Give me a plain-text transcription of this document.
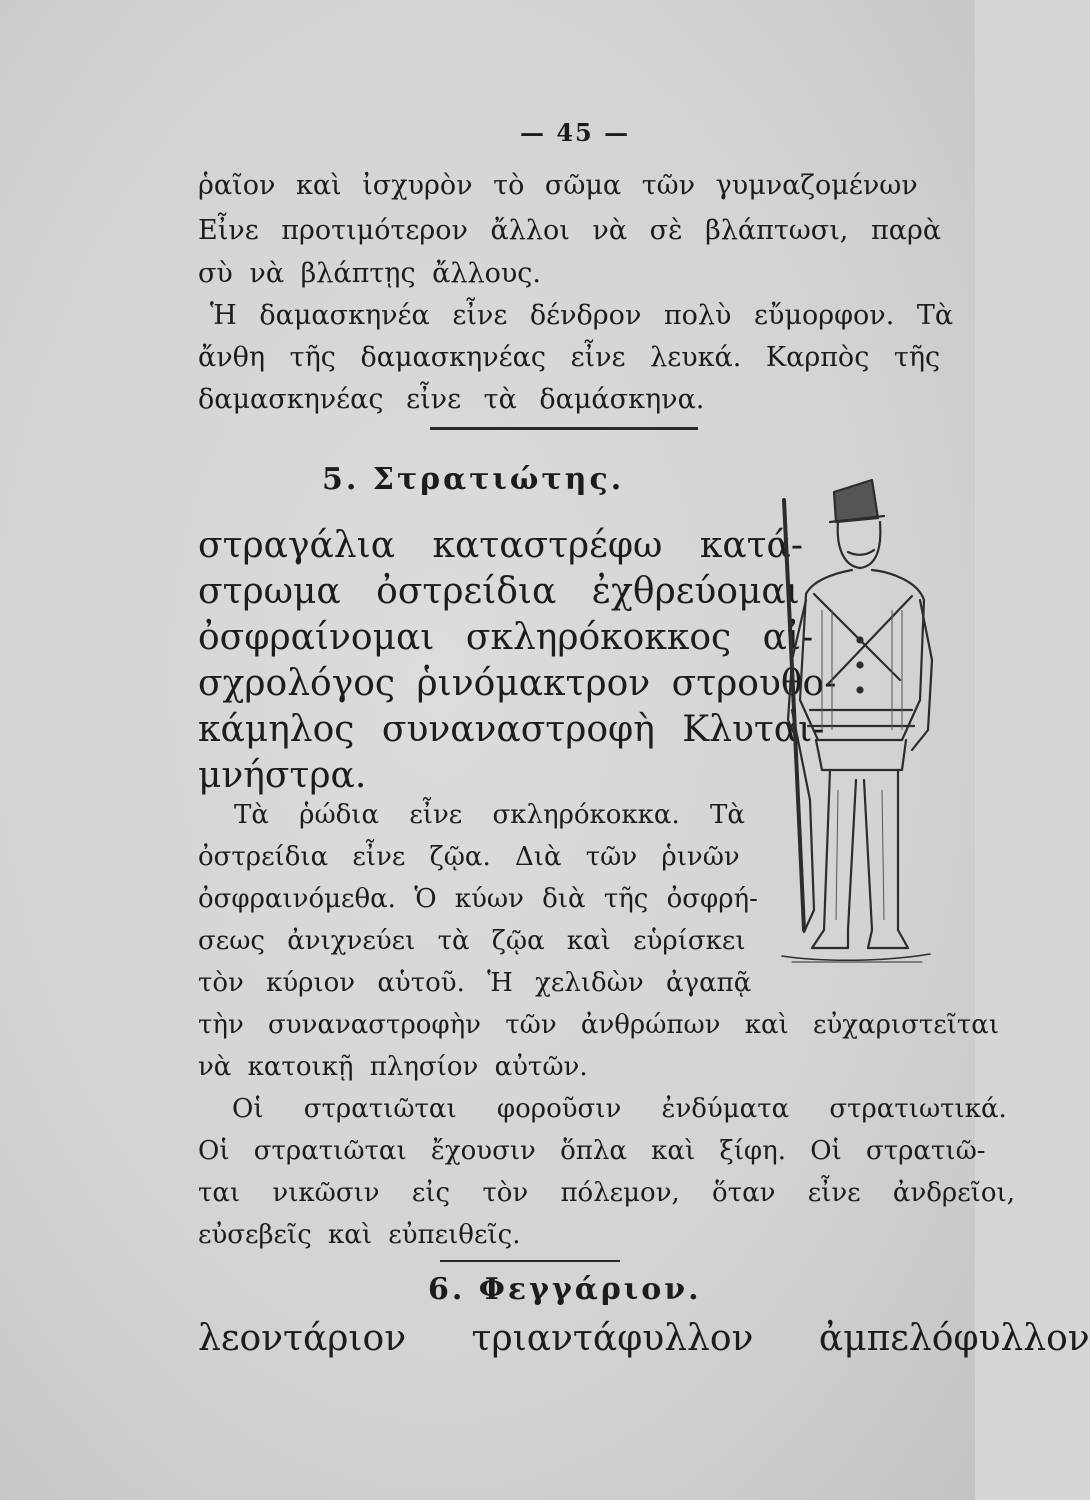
— 45 —
ῥαῖον καὶ ἰσχυρὸν τὸ σῶμα τῶν γυμναζομένων
Εἶνε προτιμότερον ἄλλοι νὰ σὲ βλάπτωσι, παρὰ
σὺ νὰ βλάπτῃς ἄλλους.
Ἡ δαμασκηνέα εἶνε δένδρον πολὺ εὔμορφον. Τὰ
ἄνθη τῆς δαμασκηνέας εἶνε λευκά. Καρπὸς τῆς
δαμασκηνέας εἶνε τὰ δαμάσκηνα.
5. Στρατιώτης.
στραγάλια καταστρέφω κατά-
στρωμα ὀστρείδια ἐχθρεύομαι
ὀσφραίνομαι σκληρόκοκκος αἰ-
σχρολόγος ῥινόμακτρον στρουθο-
κάμηλος συναναστροφὴ Κλυται-
μνήστρα.
Τὰ ῥώδια εἶνε σκληρόκοκκα. Τὰ
ὀστρείδια εἶνε ζῷα. Διὰ τῶν ῥινῶν
ὀσφραινόμεθα. Ὁ κύων διὰ τῆς ὀσφρή-
σεως ἀνιχνεύει τὰ ζῷα καὶ εὑρίσκει
τὸν κύριον αὑτοῦ. Ἡ χελιδὼν ἀγαπᾷ
τὴν συναναστροφὴν τῶν ἀνθρώπων καὶ εὐχαριστεῖται
νὰ κατοικῇ πλησίον αὐτῶν.
Οἱ στρατιῶται φοροῦσιν ἐνδύματα στρατιωτικά.
Οἱ στρατιῶται ἔχουσιν ὅπλα καὶ ξίφη. Οἱ στρατιῶ-
ται νικῶσιν εἰς τὸν πόλεμον, ὅταν εἶνε ἀνδρεῖοι,
εὐσεβεῖς καὶ εὐπειθεῖς.
6. Φεγγάριον.
λεοντάριον τριαντάφυλλον ἀμπελόφυλλον
